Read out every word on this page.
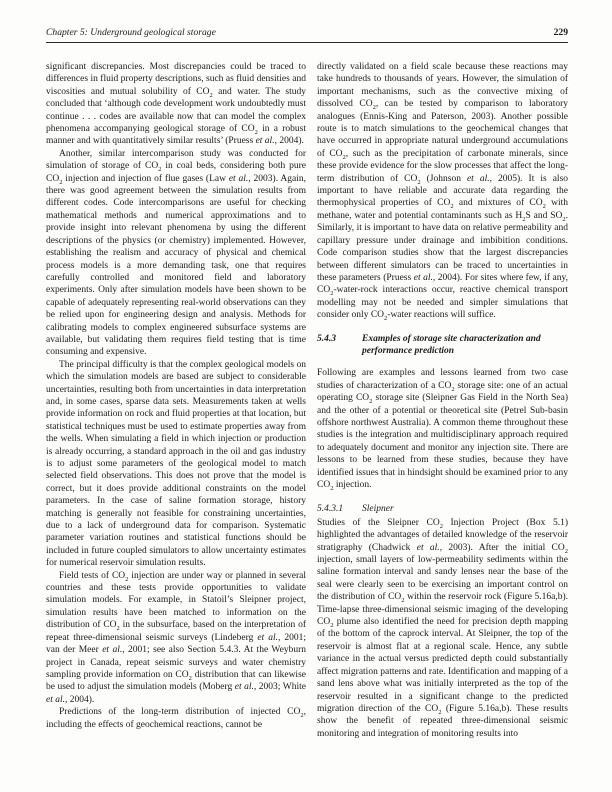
Chapter 5: Underground geological storage	229

significant discrepancies. Most discrepancies could be traced to differences in fluid property descriptions, such as fluid densities and viscosities and mutual solubility of $CO_2$ and water. The study concluded that ‘although code development work undoubtedly must continue . . . codes are available now that can model the complex phenomena accompanying geological storage of $CO_2$ in a robust manner and with quantitatively similar results’ (Pruess et al., 2004).

Another, similar intercomparison study was conducted for simulation of storage of $CO_2$ in coal beds, considering both pure $CO_2$ injection and injection of flue gases (Law et al., 2003). Again, there was good agreement between the simulation results from different codes. Code intercomparisons are useful for checking mathematical methods and numerical approximations and to provide insight into relevant phenomena by using the different descriptions of the physics (or chemistry) implemented. However, establishing the realism and accuracy of physical and chemical process models is a more demanding task, one that requires carefully controlled and monitored field and laboratory experiments. Only after simulation models have been shown to be capable of adequately representing real-world observations can they be relied upon for engineering design and analysis. Methods for calibrating models to complex engineered subsurface systems are available, but validating them requires field testing that is time consuming and expensive.

The principal difficulty is that the complex geological models on which the simulation models are based are subject to considerable uncertainties, resulting both from uncertainties in data interpretation and, in some cases, sparse data sets. Measurements taken at wells provide information on rock and fluid properties at that location, but statistical techniques must be used to estimate properties away from the wells. When simulating a field in which injection or production is already occurring, a standard approach in the oil and gas industry is to adjust some parameters of the geological model to match selected field observations. This does not prove that the model is correct, but it does provide additional constraints on the model parameters. In the case of saline formation storage, history matching is generally not feasible for constraining uncertainties, due to a lack of underground data for comparison. Systematic parameter variation routines and statistical functions should be included in future coupled simulators to allow uncertainty estimates for numerical reservoir simulation results.

Field tests of $CO_2$ injection are under way or planned in several countries and these tests provide opportunities to validate simulation models. For example, in Statoil’s Sleipner project, simulation results have been matched to information on the distribution of $CO_2$ in the subsurface, based on the interpretation of repeat three-dimensional seismic surveys (Lindeberg et al., 2001; van der Meer et al., 2001; see also Section 5.4.3. At the Weyburn project in Canada, repeat seismic surveys and water chemistry sampling provide information on $CO_2$ distribution that can likewise be used to adjust the simulation models (Moberg et al., 2003; White et al., 2004).

Predictions of the long-term distribution of injected $CO_2$, including the effects of geochemical reactions, cannot be

directly validated on a field scale because these reactions may take hundreds to thousands of years. However, the simulation of important mechanisms, such as the convective mixing of dissolved $CO_2$, can be tested by comparison to laboratory analogues (Ennis-King and Paterson, 2003). Another possible route is to match simulations to the geochemical changes that have occurred in appropriate natural underground accumulations of $CO_2$, such as the precipitation of carbonate minerals, since these provide evidence for the slow processes that affect the long-term distribution of $CO_2$ (Johnson et al., 2005). It is also important to have reliable and accurate data regarding the thermophysical properties of $CO_2$ and mixtures of $CO_2$ with methane, water and potential contaminants such as $H_2S$ and $SO_2$. Similarly, it is important to have data on relative permeability and capillary pressure under drainage and imbibition conditions. Code comparison studies show that the largest discrepancies between different simulators can be traced to uncertainties in these parameters (Pruess et al., 2004). For sites where few, if any, $CO_2-water$-rock interactions occur, reactive chemical transport modelling may not be needed and simpler simulations that consider only $CO_2$-water reactions will suffice.

5.4.3	Examples of storage site characterization and performance prediction

Following are examples and lessons learned from two case studies of characterization of a $CO_2$ storage site: one of an actual operating $CO_2$ storage site (Sleipner Gas Field in the North Sea) and the other of a potential or theoretical site (Petrel Sub-basin offshore northwest Australia). A common theme throughout these studies is the integration and multidisciplinary approach required to adequately document and monitor any injection site. There are lessons to be learned from these studies, because they have identified issues that in hindsight should be examined prior to any $CO_2$ injection.

5.4.3.1	Sleipner

Studies of the Sleipner $CO_2$ Injection Project (Box 5.1) highlighted the advantages of detailed knowledge of the reservoir stratigraphy (Chadwick et al., 2003). After the initial $CO_2$ injection, small layers of low-permeability sediments within the saline formation interval and sandy lenses near the base of the seal were clearly seen to be exercising an important control on the distribution of $CO_2$ within the reservoir rock (Figure 5.16a,b). Time-lapse three-dimensional seismic imaging of the developing $CO_2$ plume also identified the need for precision depth mapping of the bottom of the caprock interval. At Sleipner, the top of the reservoir is almost flat at a regional scale. Hence, any subtle variance in the actual versus predicted depth could substantially affect migration patterns and rate. Identification and mapping of a sand lens above what was initially interpreted as the top of the reservoir resulted in a significant change to the predicted migration direction of the $CO_2$ (Figure 5.16a,b). These results show the benefit of repeated three-dimensional seismic monitoring and integration of monitoring results into
